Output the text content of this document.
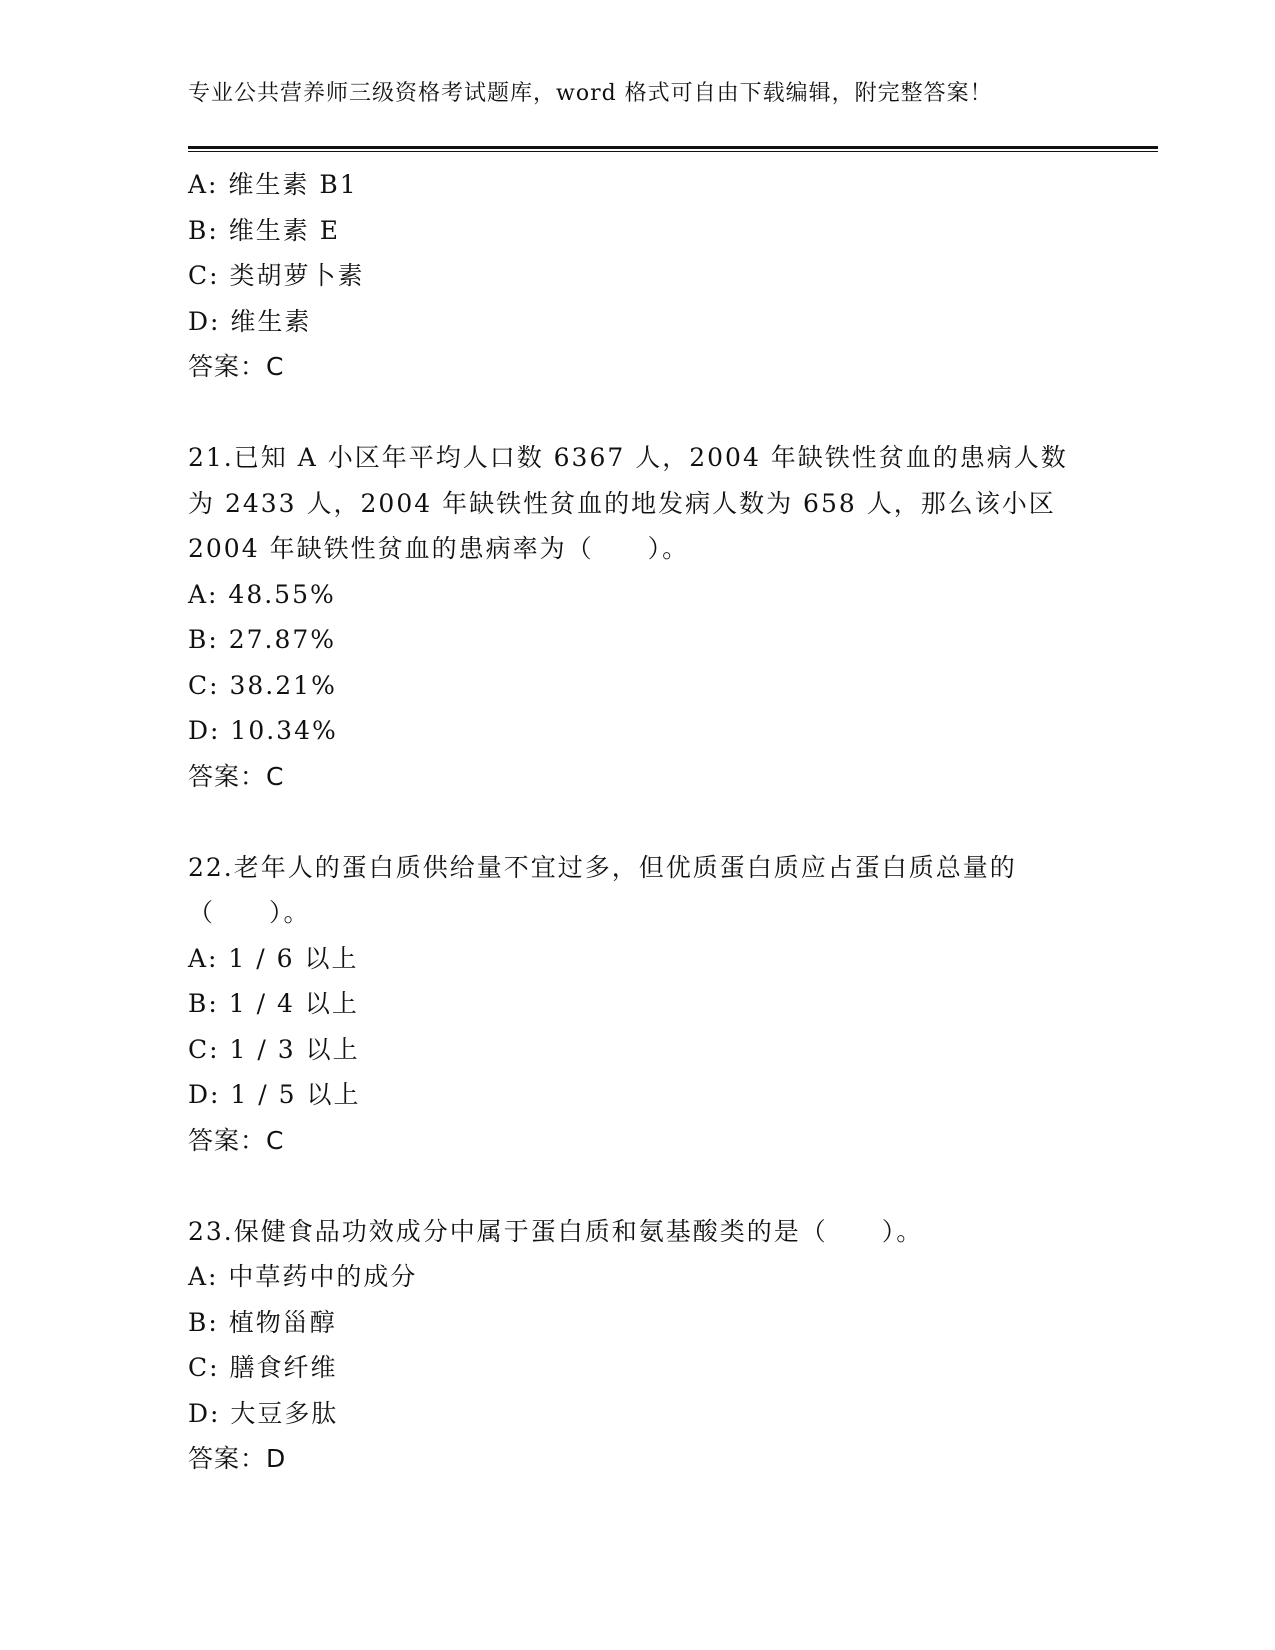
专业公共营养师三级资格考试题库，word 格式可自由下载编辑，附完整答案！
A: 维生素 B1
B: 维生素 E
C: 类胡萝卜素
D: 维生素
答案：C
21.已知 A 小区年平均人口数 6367 人，2004 年缺铁性贫血的患病人数
为 2433 人，2004 年缺铁性贫血的地发病人数为 658 人，那么该小区
2004 年缺铁性贫血的患病率为（　　）。
A: 48.55%
B: 27.87%
C: 38.21%
D: 10.34%
答案：C
22.老年人的蛋白质供给量不宜过多，但优质蛋白质应占蛋白质总量的
（　　）。
A: 1 / 6 以上
B: 1 / 4 以上
C: 1 / 3 以上
D: 1 / 5 以上
答案：C
23.保健食品功效成分中属于蛋白质和氨基酸类的是（　　）。
A: 中草药中的成分
B: 植物甾醇
C: 膳食纤维
D: 大豆多肽
答案：D
